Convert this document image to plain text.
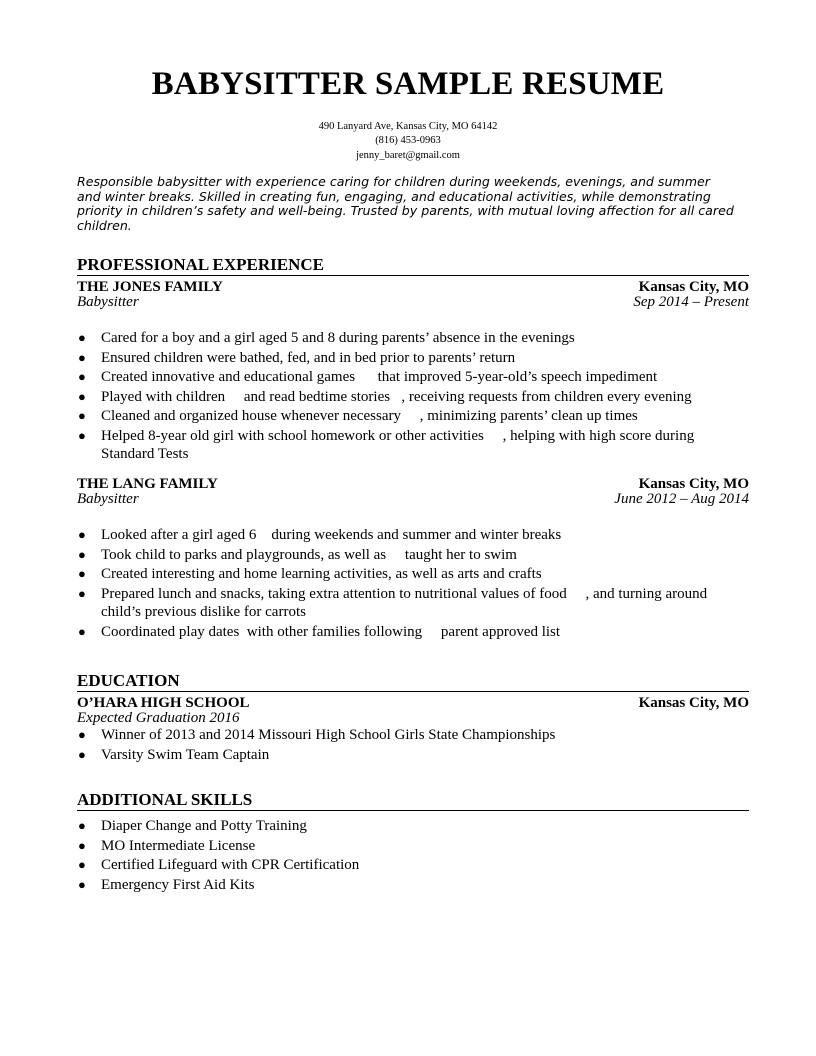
BABYSITTER SAMPLE RESUME
490 Lanyard Ave, Kansas City, MO 64142
(816) 453-0963
jenny_baret@gmail.com
Responsible babysitter with experience caring for children during weekends, evenings, and summer and winter breaks. Skilled in creating fun, engaging, and educational activities, while demonstrating priority in children’s safety and well-being. Trusted by parents, with mutual loving affection for all cared children.
PROFESSIONAL EXPERIENCE
THE JONES FAMILY	Kansas City, MO
Babysitter	Sep 2014 – Present
● Cared for a boy and a girl aged 5 and 8 during parents’ absence in the evenings
● Ensured children were bathed, fed, and in bed prior to parents’ return
● Created innovative and educational games      that improved 5-year-old’s speech impediment
● Played with children     and read bedtime stories   , receiving requests from children every evening
● Cleaned and organized house whenever necessary     , minimizing parents’ clean up times
● Helped 8-year old girl with school homework or other activities     , helping with high score during Standard Tests
THE LANG FAMILY	Kansas City, MO
Babysitter	June 2012 – Aug 2014
● Looked after a girl aged 6    during weekends and summer and winter breaks
● Took child to parks and playgrounds, as well as     taught her to swim
● Created interesting and home learning activities, as well as arts and crafts
● Prepared lunch and snacks, taking extra attention to nutritional values of food     , and turning around child’s previous dislike for carrots
● Coordinated play dates  with other families following     parent approved list
EDUCATION
O’HARA HIGH SCHOOL	Kansas City, MO
Expected Graduation 2016
● Winner of 2013 and 2014 Missouri High School Girls State Championships
● Varsity Swim Team Captain
ADDITIONAL SKILLS
● Diaper Change and Potty Training
● MO Intermediate License
● Certified Lifeguard with CPR Certification
● Emergency First Aid Kits
